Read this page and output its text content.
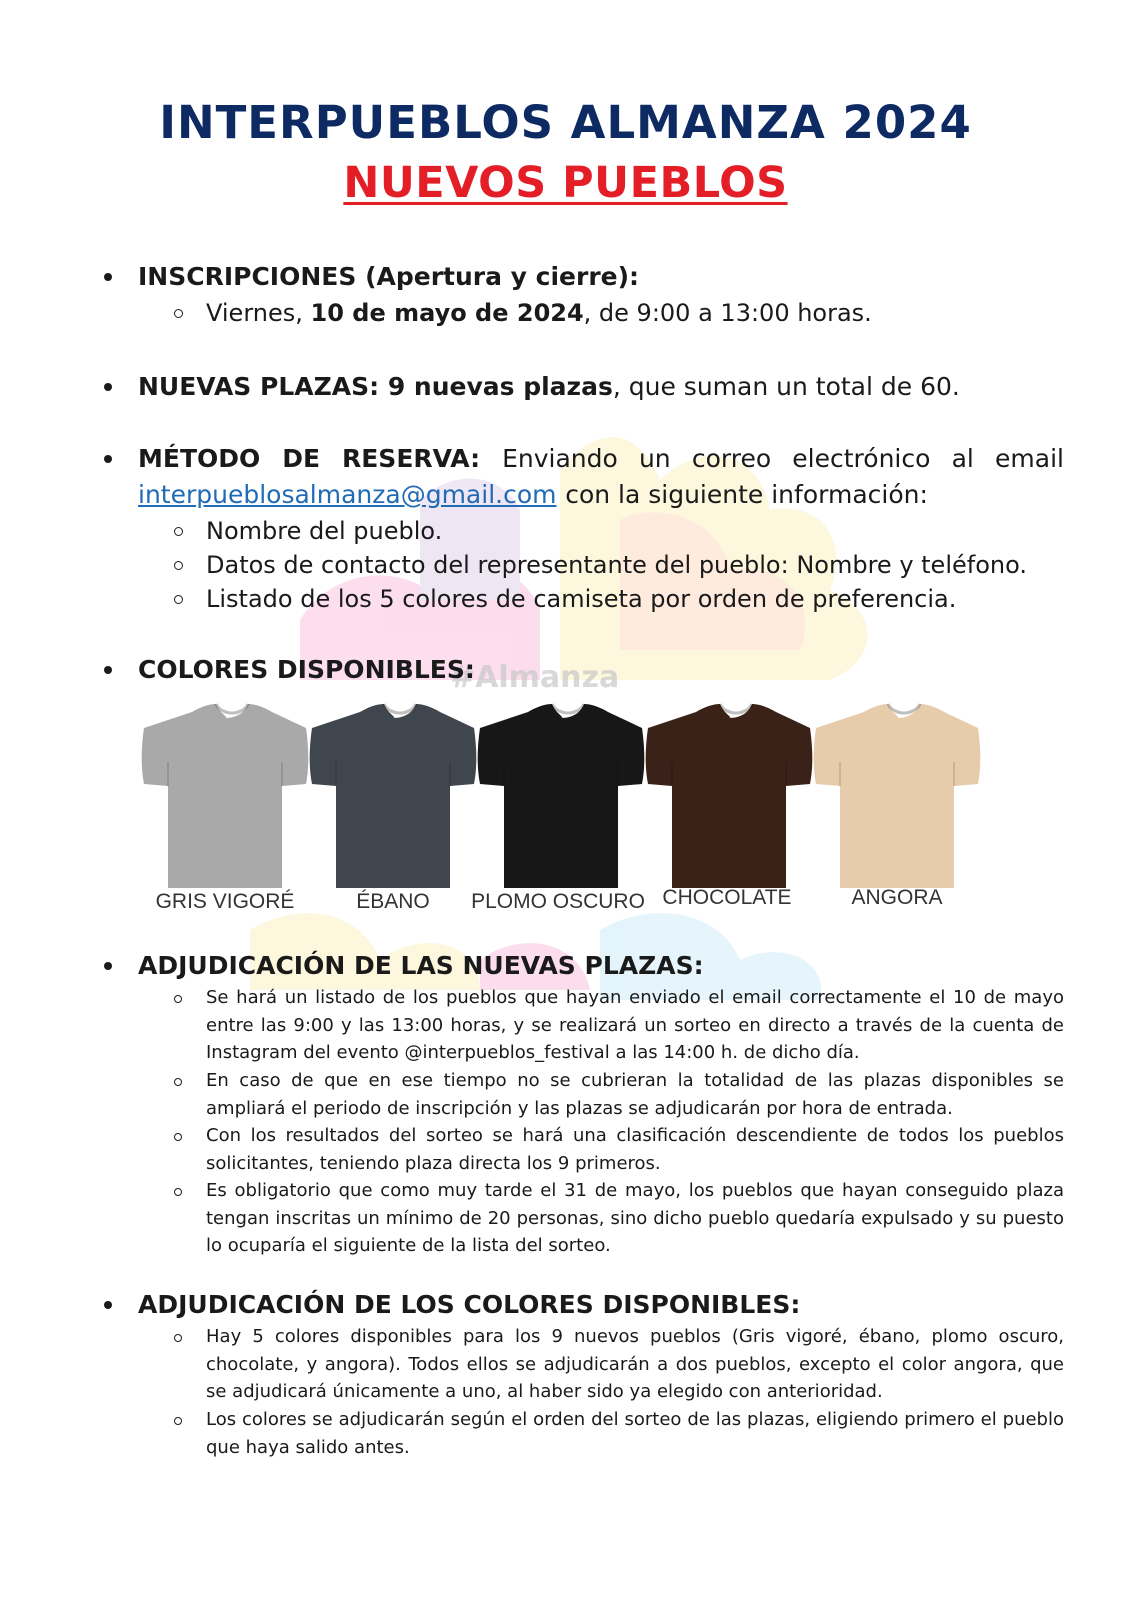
#Almanza
INTERPUEBLOS ALMANZA 2024
NUEVOS PUEBLOS
INSCRIPCIONES (Apertura y cierre):
Viernes, 10 de mayo de 2024, de 9:00 a 13:00 horas.
NUEVAS PLAZAS: 9 nuevas plazas, que suman un total de 60.
MÉTODO DE RESERVA: Enviando un correo electrónico al email
interpueblosalmanza@gmail.com con la siguiente información:
Nombre del pueblo.
Datos de contacto del representante del pueblo: Nombre y teléfono.
Listado de los 5 colores de camiseta por orden de preferencia.
COLORES DISPONIBLES:
GRIS VIGORÉ	ÉBANO	PLOMO OSCURO CHOCOLATE	ANGORA
ADJUDICACIÓN DE LAS NUEVAS PLAZAS:
Se hará un listado de los pueblos que hayan enviado el email correctamente el 10 de mayo entre las 9:00 y las 13:00 horas, y se realizará un sorteo en directo a través de la cuenta de Instagram del evento @interpueblos_festival a las 14:00 h. de dicho día.
En caso de que en ese tiempo no se cubrieran la totalidad de las plazas disponibles se ampliará el periodo de inscripción y las plazas se adjudicarán por hora de entrada.
Con los resultados del sorteo se hará una clasificación descendiente de todos los pueblos solicitantes, teniendo plaza directa los 9 primeros.
Es obligatorio que como muy tarde el 31 de mayo, los pueblos que hayan conseguido plaza tengan inscritas un mínimo de 20 personas, sino dicho pueblo quedaría expulsado y su puesto lo ocuparía el siguiente de la lista del sorteo.
ADJUDICACIÓN DE LOS COLORES DISPONIBLES:
Hay 5 colores disponibles para los 9 nuevos pueblos (Gris vigoré, ébano, plomo oscuro, chocolate, y angora). Todos ellos se adjudicarán a dos pueblos, excepto el color angora, que se adjudicará únicamente a uno, al haber sido ya elegido con anterioridad.
Los colores se adjudicarán según el orden del sorteo de las plazas, eligiendo primero el pueblo que haya salido antes.
